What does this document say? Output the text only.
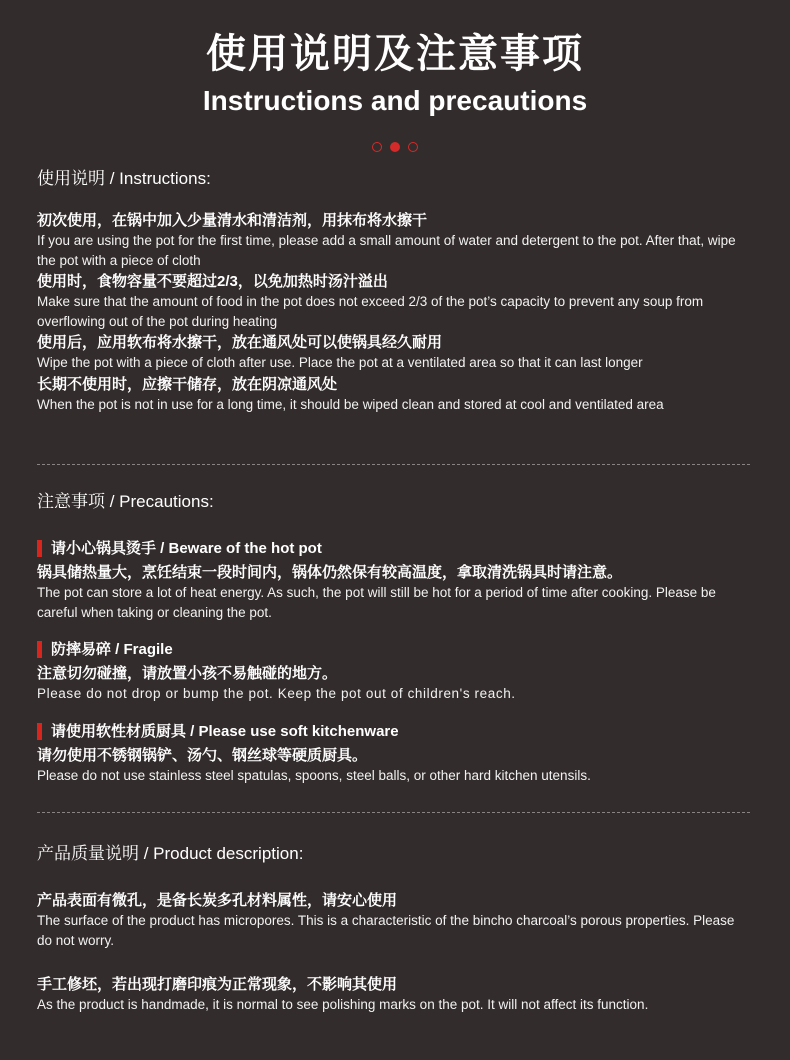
使用说明及注意事项
Instructions and precautions

使用说明 / Instructions:

初次使用，在锅中加入少量清水和清洁剂，用抹布将水擦干

If you are using the pot for the first time, please add a small amount of water and detergent to the pot. After that, wipe the pot with a piece of cloth

使用时，食物容量不要超过2/3，以免加热时汤汁溢出

Make sure that the amount of food in the pot does not exceed 2/3 of the pot’s capacity to prevent any soup from overflowing out of the pot during heating

使用后，应用软布将水擦干，放在通风处可以使锅具经久耐用

Wipe the pot with a piece of cloth after use. Place the pot at a ventilated area so that it can last longer

长期不使用时，应擦干储存，放在阴凉通风处

When the pot is not in use for a long time, it should be wiped clean and stored at cool and ventilated area

注意事项 / Precautions:

请小心锅具烫手 / Beware of the hot pot

锅具储热量大，烹饪结束一段时间内，锅体仍然保有较高温度，拿取清洗锅具时请注意。

The pot can store a lot of heat energy. As such, the pot will still be hot for a period of time after cooking. Please be careful when taking or cleaning the pot.

防摔易碎 / Fragile

注意切勿碰撞，请放置小孩不易触碰的地方。

Please do not drop or bump the pot. Keep the pot out of children's reach.

请使用软性材质厨具 / Please use soft kitchenware

请勿使用不锈钢锅铲、汤勺、钢丝球等硬质厨具。

Please do not use stainless steel spatulas, spoons, steel balls, or other hard kitchen utensils.

产品质量说明 / Product description:

产品表面有微孔，是备长炭多孔材料属性，请安心使用

The surface of the product has micropores. This is a characteristic of the bincho charcoal’s porous properties. Please do not worry.

手工修坯，若出现打磨印痕为正常现象，不影响其使用

As the product is handmade, it is normal to see polishing marks on the pot. It will not affect its function.
